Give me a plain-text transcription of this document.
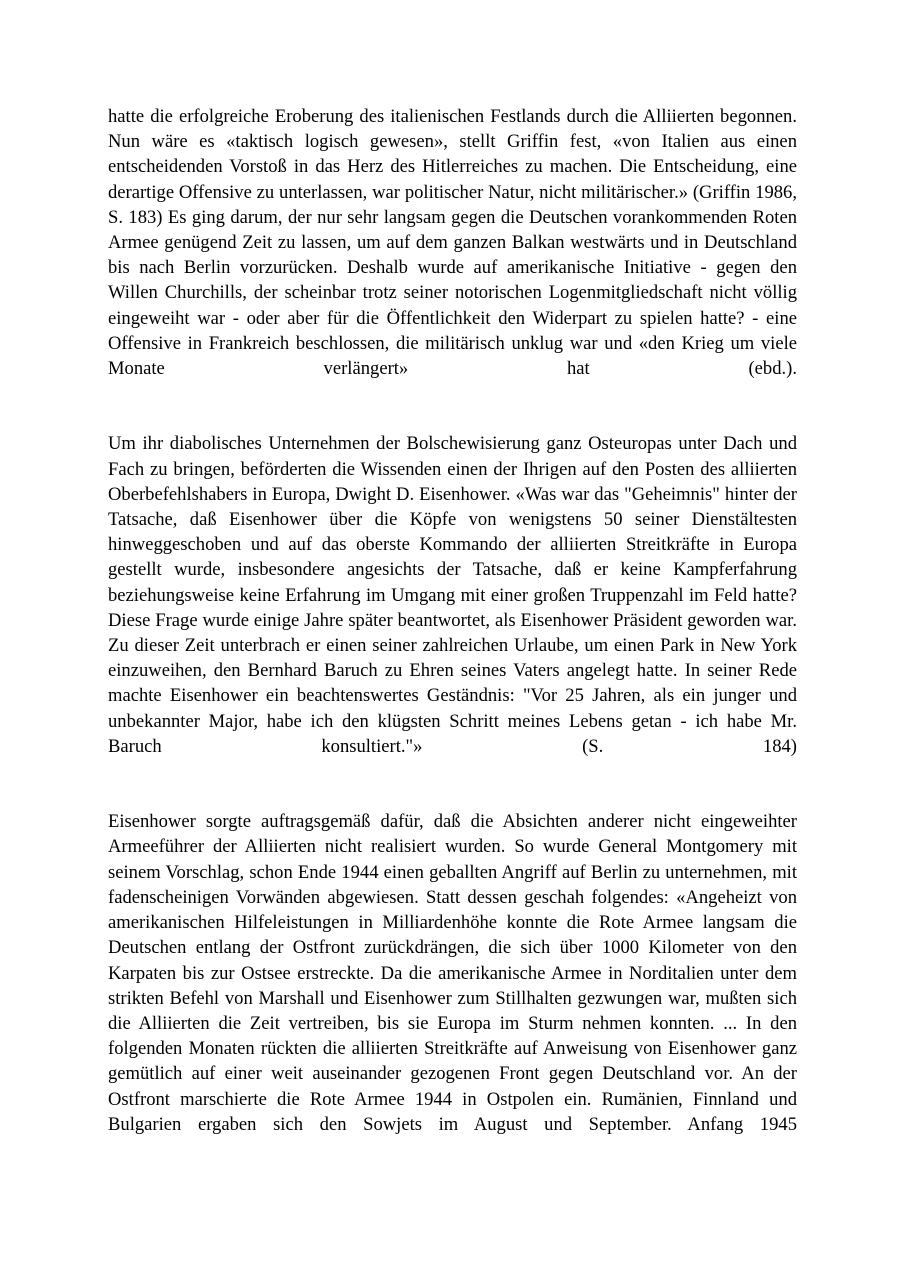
hatte die erfolgreiche Eroberung des italienischen Festlands durch die Alliierten begonnen. Nun wäre es «taktisch logisch gewesen», stellt Griffin fest, «von Italien aus einen entscheidenden Vorstoß in das Herz des Hitlerreiches zu machen. Die Entscheidung, eine derartige Offensive zu unterlassen, war politischer Natur, nicht militärischer.» (Griffin 1986, S. 183) Es ging darum, der nur sehr langsam gegen die Deutschen vorankommenden Roten Armee genügend Zeit zu lassen, um auf dem ganzen Balkan westwärts und in Deutschland bis nach Berlin vorzurücken. Deshalb wurde auf amerikanische Initiative - gegen den Willen Churchills, der scheinbar trotz seiner notorischen Logenmitgliedschaft nicht völlig eingeweiht war - oder aber für die Öffentlichkeit den Widerpart zu spielen hatte? - eine Offensive in Frankreich beschlossen, die militärisch unklug war und «den Krieg um viele Monate verlängert» hat (ebd.).

Um ihr diabolisches Unternehmen der Bolschewisierung ganz Osteuropas unter Dach und Fach zu bringen, beförderten die Wissenden einen der Ihrigen auf den Posten des alliierten Oberbefehlshabers in Europa, Dwight D. Eisenhower. «Was war das "Geheimnis" hinter der Tatsache, daß Eisenhower über die Köpfe von wenigstens 50 seiner Dienstältesten hinweggeschoben und auf das oberste Kommando der alliierten Streitkräfte in Europa gestellt wurde, insbesondere angesichts der Tatsache, daß er keine Kampferfahrung beziehungsweise keine Erfahrung im Umgang mit einer großen Truppenzahl im Feld hatte? Diese Frage wurde einige Jahre später beantwortet, als Eisenhower Präsident geworden war. Zu dieser Zeit unterbrach er einen seiner zahlreichen Urlaube, um einen Park in New York einzuweihen, den Bernhard Baruch zu Ehren seines Vaters angelegt hatte. In seiner Rede machte Eisenhower ein beachtenswertes Geständnis: "Vor 25 Jahren, als ein junger und unbekannter Major, habe ich den klügsten Schritt meines Lebens getan - ich habe Mr. Baruch konsultiert."» (S. 184)

Eisenhower sorgte auftragsgemäß dafür, daß die Absichten anderer nicht eingeweihter Armeeführer der Alliierten nicht realisiert wurden. So wurde General Montgomery mit seinem Vorschlag, schon Ende 1944 einen geballten Angriff auf Berlin zu unternehmen, mit fadenscheinigen Vorwänden abgewiesen. Statt dessen geschah folgendes: «Angeheizt von amerikanischen Hilfeleistungen in Milliardenhöhe konnte die Rote Armee langsam die Deutschen entlang der Ostfront zurückdrängen, die sich über 1000 Kilometer von den Karpaten bis zur Ostsee erstreckte. Da die amerikanische Armee in Norditalien unter dem strikten Befehl von Marshall und Eisenhower zum Stillhalten gezwungen war, mußten sich die Alliierten die Zeit vertreiben, bis sie Europa im Sturm nehmen konnten. ... In den folgenden Monaten rückten die alliierten Streitkräfte auf Anweisung von Eisenhower ganz gemütlich auf einer weit auseinander gezogenen Front gegen Deutschland vor. An der Ostfront marschierte die Rote Armee 1944 in Ostpolen ein. Rumänien, Finnland und Bulgarien ergaben sich den Sowjets im August und September. Anfang 1945
